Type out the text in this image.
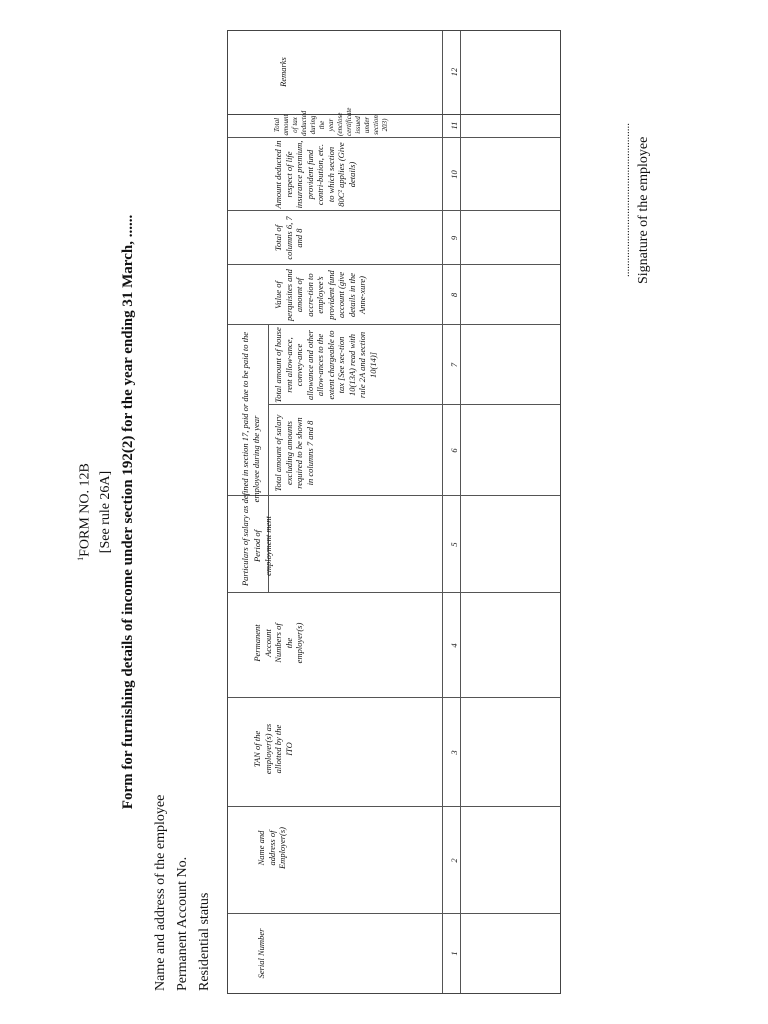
$^1$FORM NO. 12B [See rule 26A] Form for furnishing details of income under section 192(2) for the year ending 31 March, ......
Name and address of the employee Permanent Account No. Residential status
Particulars of salary as defined in section 17, paid or due to be paid to the employee during the year
Serial Number
Name and address of Employer(s)
TAN of the employer(s) as allotted by the ITO
Permanent Account Numbers of the employer(s)
Period of employment ment
Total amount of salary excluding amounts required to be shown in columns 7 and 8
Total amount of house rent allow-ance, convey-ance allowance and other allow-ances to the extent chargeable to tax [See sec-tion 10(13A) read with rule 2A and section 10(14)]
Value of perquisites and amount of accre-tion to employee’s provident fund account (give details in the Anne-xure)
Total of columns 6, 7 and 8
Amount deducted in respect of life insurance premium, provident fund contri-bution, etc. to which section 80C² applies (Give details)
Total amount of tax deducted during the year (enclose certificate issued under section 203)
1
2
3
4
5
6
7
8
9
10
11
Remarks	12
........................................................ Signature of the employee
